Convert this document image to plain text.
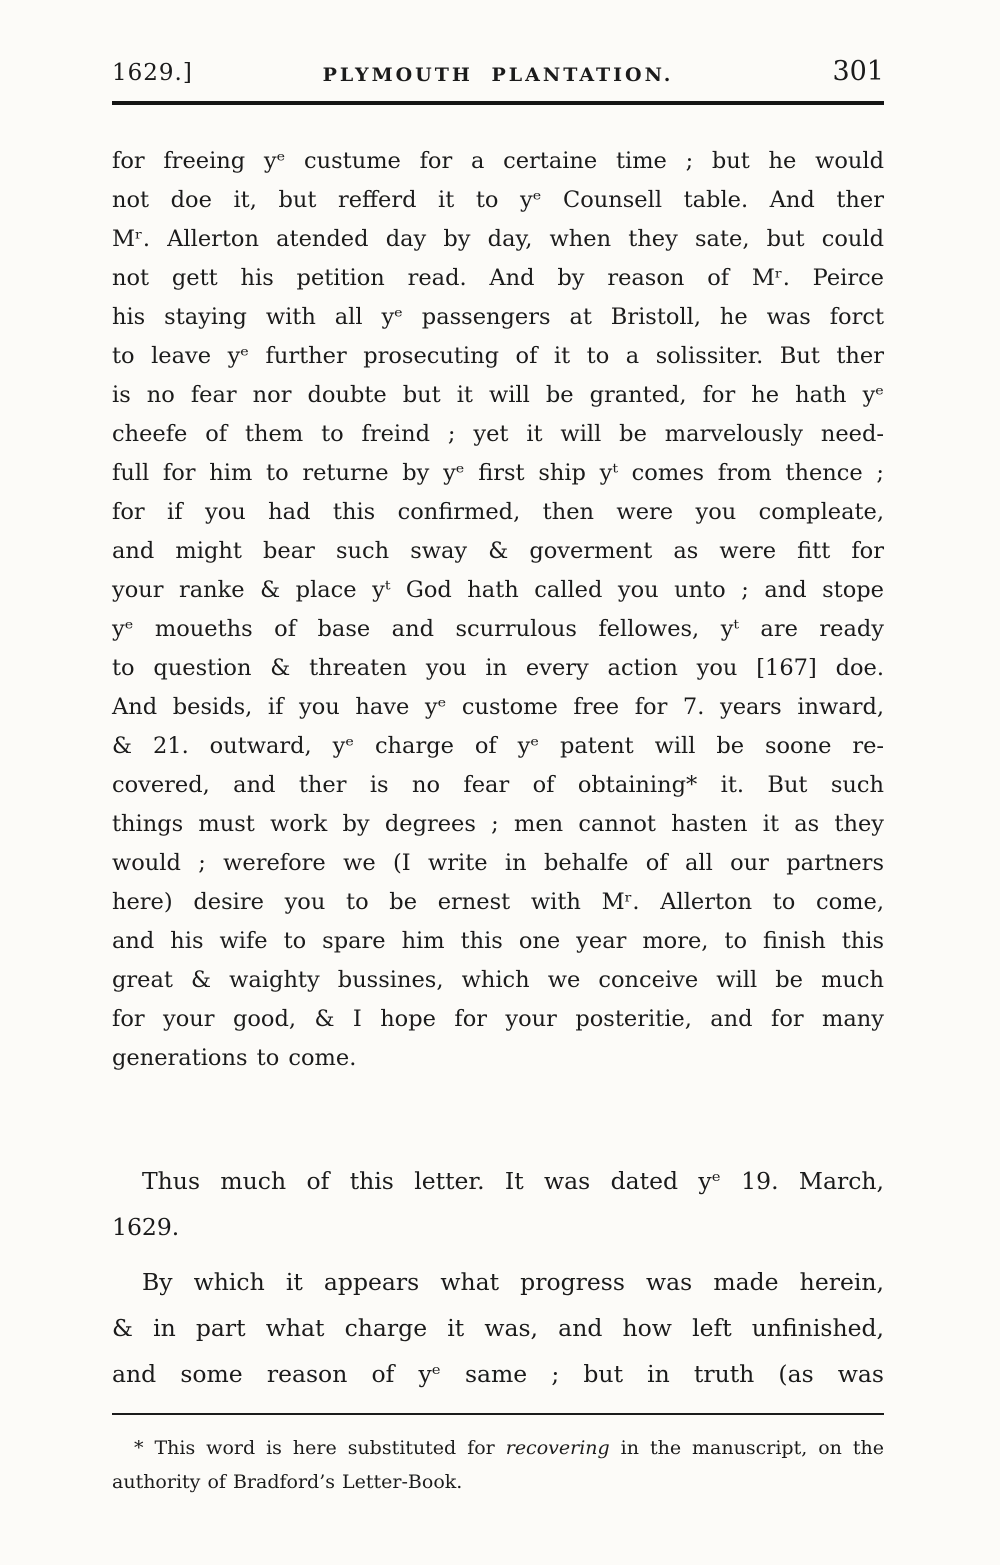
1629.]	PLYMOUTH PLANTATION.	301
for freeing yᵉ custume for a certaine time ; but he would
not doe it, but refferd it to yᵉ Counsell table. And ther
Mʳ. Allerton atended day by day, when they sate, but could
not gett his petition read. And by reason of Mʳ. Peirce
his staying with all yᵉ passengers at Bristoll, he was forct
to leave yᵉ further prosecuting of it to a solissiter. But ther
is no fear nor doubte but it will be granted, for he hath yᵉ
cheefe of them to freind ; yet it will be marvelously need-
full for him to returne by yᵉ first ship yᵗ comes from thence ;
for if you had this confirmed, then were you compleate,
and might bear such sway & goverment as were fitt for
your ranke & place yᵗ God hath called you unto ; and stope
yᵉ moueths of base and scurrulous fellowes, yᵗ are ready
to question & threaten you in every action you [167] doe.
And besids, if you have yᵉ custome free for 7. years inward,
& 21. outward, yᵉ charge of yᵉ patent will be soone re-
covered, and ther is no fear of obtaining* it. But such
things must work by degrees ; men cannot hasten it as they
would ; werefore we (I write in behalfe of all our partners
here) desire you to be ernest with Mʳ. Allerton to come,
and his wife to spare him this one year more, to finish this
great & waighty bussines, which we conceive will be much
for your good, & I hope for your posteritie, and for many
generations to come.
Thus much of this letter. It was dated yᵉ 19. March,
1629.
By which it appears what progress was made herein,
& in part what charge it was, and how left unfinished,
and some reason of yᵉ same ; but in truth (as was

* This word is here substituted for recovering in the manuscript, on the authority of Bradford’s Letter-Book.
